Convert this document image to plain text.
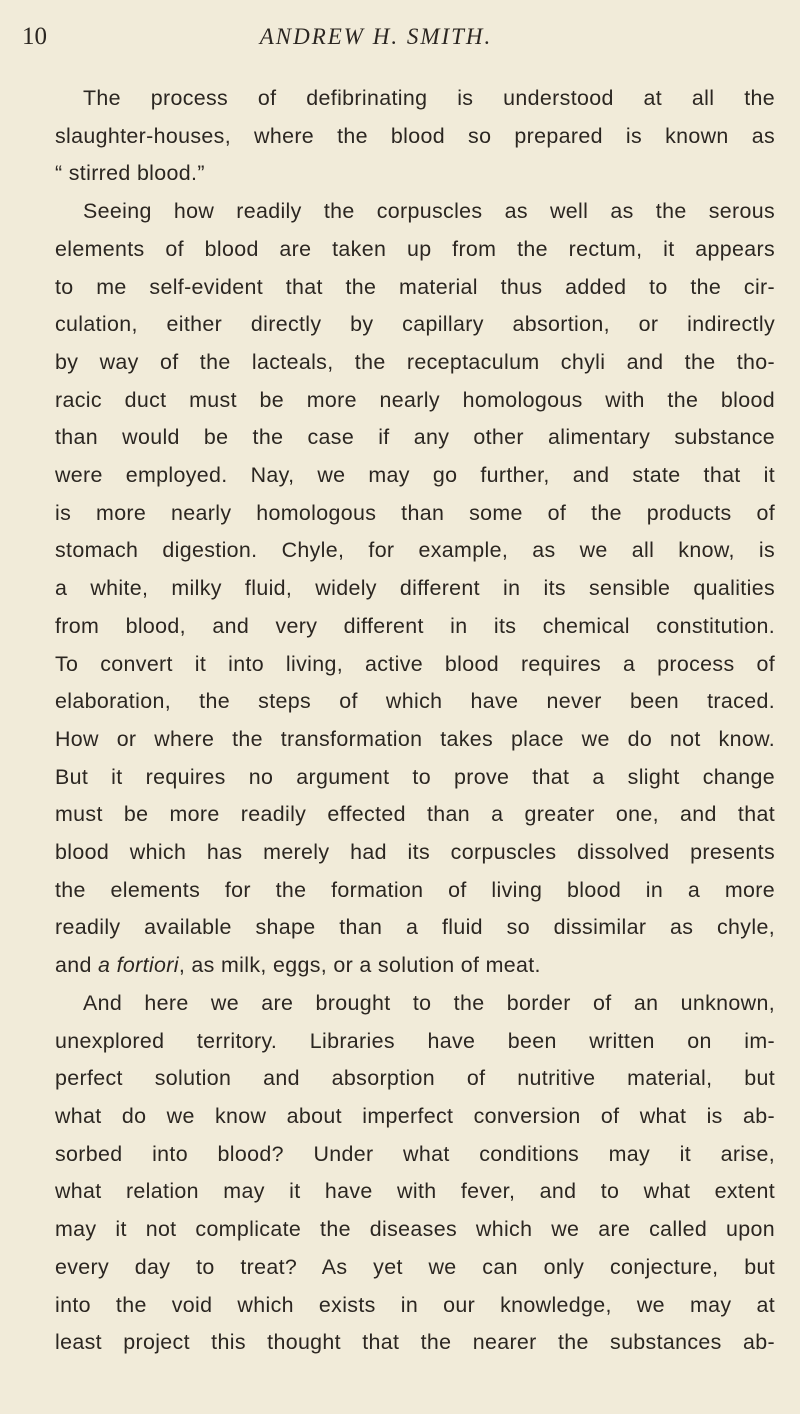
10	ANDREW H. SMITH.

The process of defibrinating is understood at all the
slaughter-houses, where the blood so prepared is known as
“ stirred blood.”

Seeing how readily the corpuscles as well as the serous
elements of blood are taken up from the rectum, it appears
to me self-evident that the material thus added to the cir-
culation, either directly by capillary absortion, or indirectly
by way of the lacteals, the receptaculum chyli and the tho-
racic duct must be more nearly homologous with the blood
than would be the case if any other alimentary substance
were employed. Nay, we may go further, and state that it
is more nearly homologous than some of the products of
stomach digestion. Chyle, for example, as we all know, is
a white, milky fluid, widely different in its sensible qualities
from blood, and very different in its chemical constitution.
To convert it into living, active blood requires a process of
elaboration, the steps of which have never been traced.
How or where the transformation takes place we do not know.
But it requires no argument to prove that a slight change
must be more readily effected than a greater one, and that
blood which has merely had its corpuscles dissolved presents
the elements for the formation of living blood in a more
readily available shape than a fluid so dissimilar as chyle,
and a fortiori, as milk, eggs, or a solution of meat.

And here we are brought to the border of an unknown,
unexplored territory. Libraries have been written on im-
perfect solution and absorption of nutritive material, but
what do we know about imperfect conversion of what is ab-
sorbed into blood? Under what conditions may it arise,
what relation may it have with fever, and to what extent
may it not complicate the diseases which we are called upon
every day to treat? As yet we can only conjecture, but
into the void which exists in our knowledge, we may at
least project this thought that the nearer the substances ab-
